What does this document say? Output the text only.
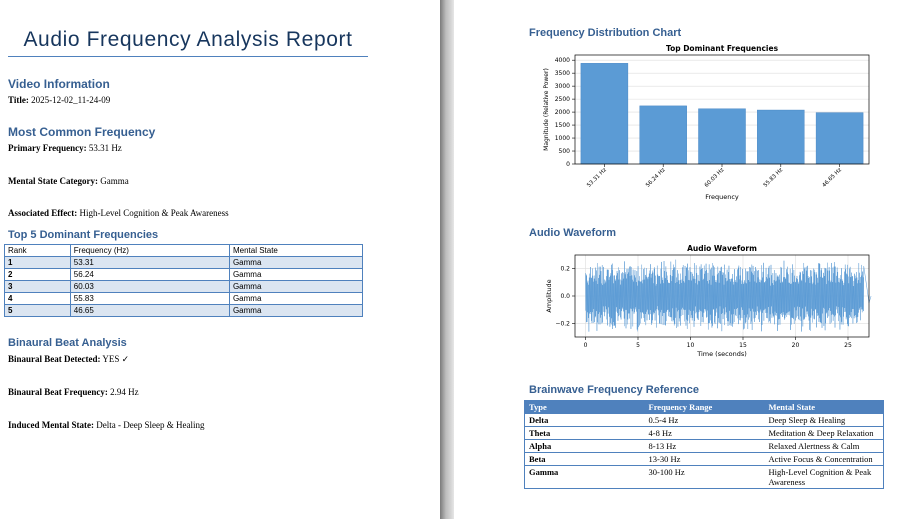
Audio Frequency Analysis Report
Video Information
Title: 2025-12-02_11-24-09
Most Common Frequency
Primary Frequency: 53.31 Hz
Mental State Category: Gamma
Associated Effect: High-Level Cognition & Peak Awareness
Top 5 Dominant Frequencies
Rank	Frequency (Hz)	Mental State
1	53.31	Gamma
2	56.24	Gamma
3	60.03	Gamma
4	55.83	Gamma
5	46.65	Gamma
Binaural Beat Analysis
Binaural Beat Detected: YES ✓
Binaural Beat Frequency: 2.94 Hz
Induced Mental State: Delta - Deep Sleep & Healing
Frequency Distribution Chart
Top Dominant Frequencies
0
500
1000
1500
2000
2500
3000
3500
4000
53.31 Hz	56.24 Hz	60.03 Hz	55.83 Hz	46.65 Hz
Frequency
Magnitude (Relative Power)
Audio Waveform
Audio Waveform
−0.2
0.0
0.2
0	5	10	15	20	25
Time (seconds)
Amplitude
Brainwave Frequency Reference
Type	Frequency Range	Mental State
Delta	0.5-4 Hz	Deep Sleep & Healing
Theta	4-8 Hz	Meditation & Deep Relaxation
Alpha	8-13 Hz	Relaxed Alertness & Calm
Beta	13-30 Hz	Active Focus & Concentration
Gamma	30-100 Hz	High-Level Cognition & Peak Awareness
